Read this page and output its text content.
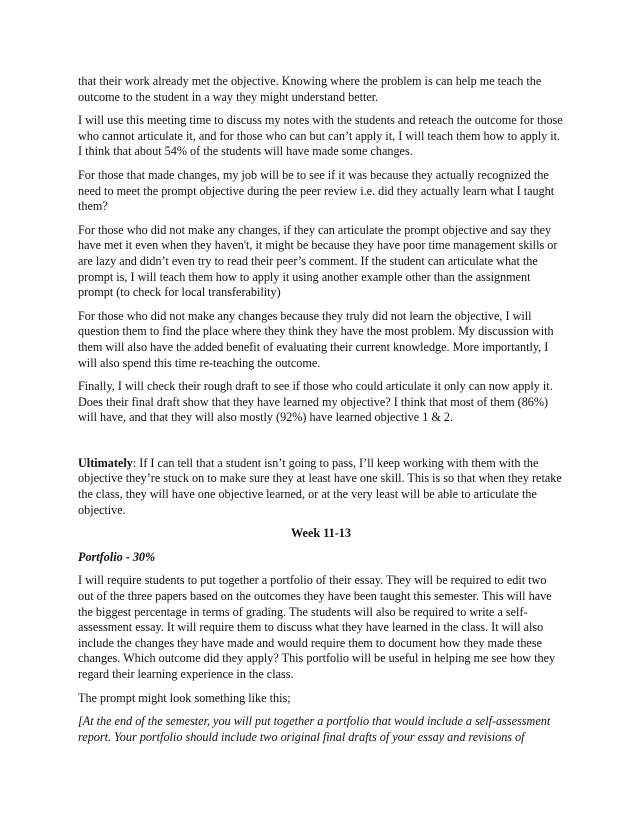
that their work already met the objective. Knowing where the problem is can help me teach the outcome to the student in a way they might understand better.

I will use this meeting time to discuss my notes with the students and reteach the outcome for those who cannot articulate it, and for those who can but can’t apply it, I will teach them how to apply it. I think that about 54% of the students will have made some changes.

For those that made changes, my job will be to see if it was because they actually recognized the need to meet the prompt objective during the peer review i.e. did they actually learn what I taught them?

For those who did not make any changes, if they can articulate the prompt objective and say they have met it even when they haven't, it might be because they have poor time management skills or are lazy and didn’t even try to read their peer’s comment. If the student can articulate what the prompt is, I will teach them how to apply it using another example other than the assignment prompt (to check for local transferability)

For those who did not make any changes because they truly did not learn the objective, I will question them to find the place where they think they have the most problem. My discussion with them will also have the added benefit of evaluating their current knowledge. More importantly, I will also spend this time re-teaching the outcome.

Finally, I will check their rough draft to see if those who could articulate it only can now apply it. Does their final draft show that they have learned my objective? I think that most of them (86%) will have, and that they will also mostly (92%) have learned objective 1 & 2.

Ultimately: If I can tell that a student isn’t going to pass, I’ll keep working with them with the objective they’re stuck on to make sure they at least have one skill. This is so that when they retake the class, they will have one objective learned, or at the very least will be able to articulate the objective.

Week 11-13

Portfolio - 30%

I will require students to put together a portfolio of their essay. They will be required to edit two out of the three papers based on the outcomes they have been taught this semester. This will have the biggest percentage in terms of grading. The students will also be required to write a self-assessment essay. It will require them to discuss what they have learned in the class. It will also include the changes they have made and would require them to document how they made these changes. Which outcome did they apply? This portfolio will be useful in helping me see how they regard their learning experience in the class.

The prompt might look something like this;

[At the end of the semester, you will put together a portfolio that would include a self-assessment report. Your portfolio should include two original final drafts of your essay and revisions of
